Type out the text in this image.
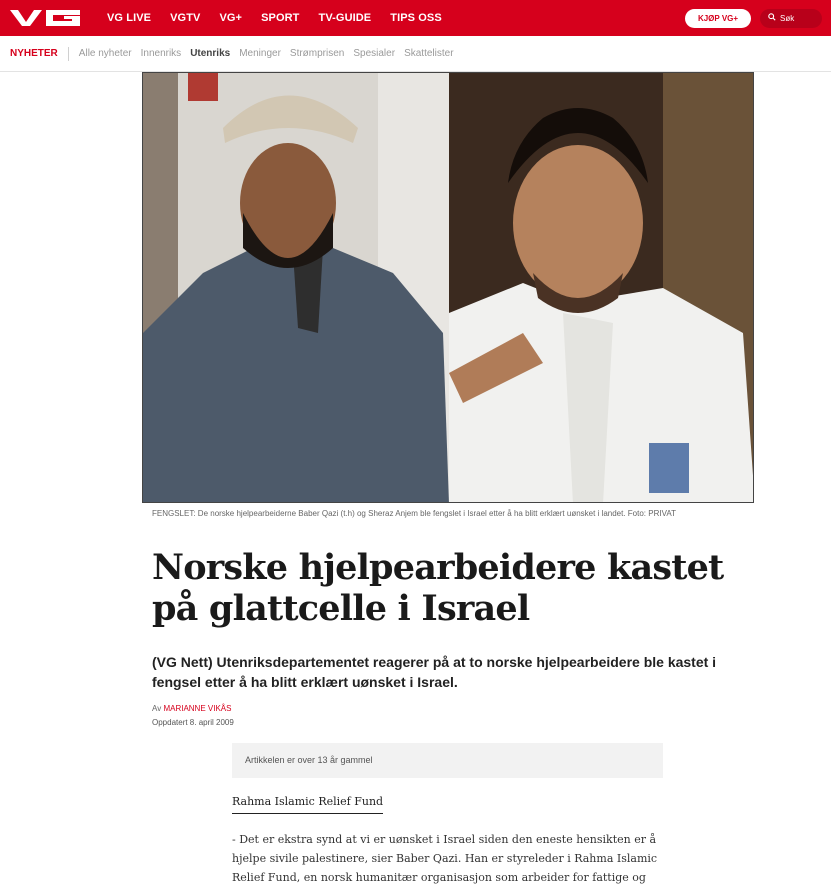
VG LIVE VGTV VG+ SPORT TV-GUIDE TIPS OSS	KJØP VG+	Søk
NYHETER Alle nyheter Innenriks Utenriks Meninger Strømprisen Spesialer Skattelister
FENGSLET: De norske hjelpearbeiderne Baber Qazi (t.h) og Sheraz Anjem ble fengslet i Israel etter å ha blitt erklært uønsket i landet. Foto: PRIVAT
Norske hjelpearbeidere kastet på glattcelle i Israel

(VG Nett) Utenriksdepartementet reagerer på at to norske hjelpearbeidere ble kastet i fengsel etter å ha blitt erklært uønsket i Israel.

Av MARIANNE VIKÅS
Oppdatert 8. april 2009
Artikkelen er over 13 år gammel
Rahma Islamic Relief Fund

- Det er ekstra synd at vi er uønsket i Israel siden den eneste hensikten er å hjelpe sivile palestinere, sier Baber Qazi. Han er styreleder i Rahma Islamic Relief Fund, en norsk humanitær organisasjon som arbeider for fattige og
